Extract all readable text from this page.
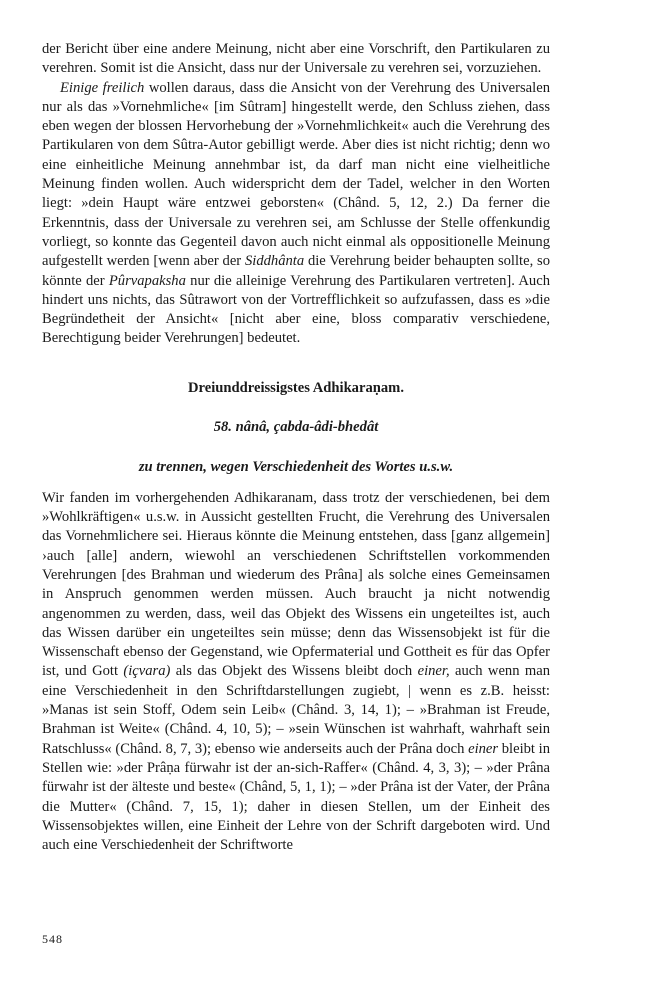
der Bericht über eine andere Meinung, nicht aber eine Vorschrift, den Partikularen zu verehren. Somit ist die Ansicht, dass nur der Universale zu verehren sei, vorzuziehen.

Einige freilich wollen daraus, dass die Ansicht von der Verehrung des Universalen nur als das »Vornehmliche« [im Sûtram] hingestellt werde, den Schluss ziehen, dass eben wegen der blossen Hervorhebung der »Vornehmlichkeit« auch die Verehrung des Partikularen von dem Sûtra-Autor gebilligt werde. Aber dies ist nicht richtig; denn wo eine einheitliche Meinung annehmbar ist, da darf man nicht eine vielheitliche Meinung finden wollen. Auch widerspricht dem der Tadel, welcher in den Worten liegt: »dein Haupt wäre entzwei geborsten« (Chând. 5, 12, 2.) Da ferner die Erkenntnis, dass der Universale zu verehren sei, am Schlusse der Stelle offenkundig vorliegt, so konnte das Gegenteil davon auch nicht einmal als oppositionelle Meinung aufgestellt werden [wenn aber der Siddhânta die Verehrung beider behaupten sollte, so könnte der Pûrvapaksha nur die alleinige Verehrung des Partikularen vertreten]. Auch hindert uns nichts, das Sûtrawort von der Vortrefflichkeit so aufzufassen, dass es »die Begründetheit der Ansicht« [nicht aber eine, bloss comparativ verschiedene, Berechtigung beider Verehrungen] bedeutet.

Dreiunddreissigstes Adhikaraṇam.
58. nânâ, çabda-âdi-bhedât
zu trennen, wegen Verschiedenheit des Wortes u.s.w.

Wir fanden im vorhergehenden Adhikaranam, dass trotz der verschiedenen, bei dem »Wohlkräftigen« u.s.w. in Aussicht gestellten Frucht, die Verehrung des Universalen das Vornehmlichere sei. Hieraus könnte die Meinung entstehen, dass [ganz allgemein] ›auch [alle] andern, wiewohl an verschiedenen Schriftstellen vorkommenden Verehrungen [des Brahman und wiederum des Prâna] als solche eines Gemeinsamen in Anspruch genommen werden müssen. Auch braucht ja nicht notwendig angenommen zu werden, dass, weil das Objekt des Wissens ein ungeteiltes ist, auch das Wissen darüber ein ungeteiltes sein müsse; denn das Wissensobjekt ist für die Wissenschaft ebenso der Gegenstand, wie Opfermaterial und Gottheit es für das Opfer ist, und Gott (içvara) als das Objekt des Wissens bleibt doch einer, auch wenn man eine Verschiedenheit in den Schriftdarstellungen zugiebt, | wenn es z.B. heisst: »Manas ist sein Stoff, Odem sein Leib« (Chând. 3, 14, 1); – »Brahman ist Freude, Brahman ist Weite« (Chând. 4, 10, 5); – »sein Wünschen ist wahrhaft, wahrhaft sein Ratschluss« (Chând. 8, 7, 3); ebenso wie anderseits auch der Prâna doch einer bleibt in Stellen wie: »der Prâṇa fürwahr ist der an-sich-Raffer« (Chând. 4, 3, 3); – »der Prâna fürwahr ist der älteste und beste« (Chând, 5, 1, 1); – »der Prâna ist der Vater, der Prâna die Mutter« (Chând. 7, 15, 1); daher in diesen Stellen, um der Einheit des Wissensobjektes willen, eine Einheit der Lehre von der Schrift dargeboten wird. Und auch eine Verschiedenheit der Schriftworte

548
